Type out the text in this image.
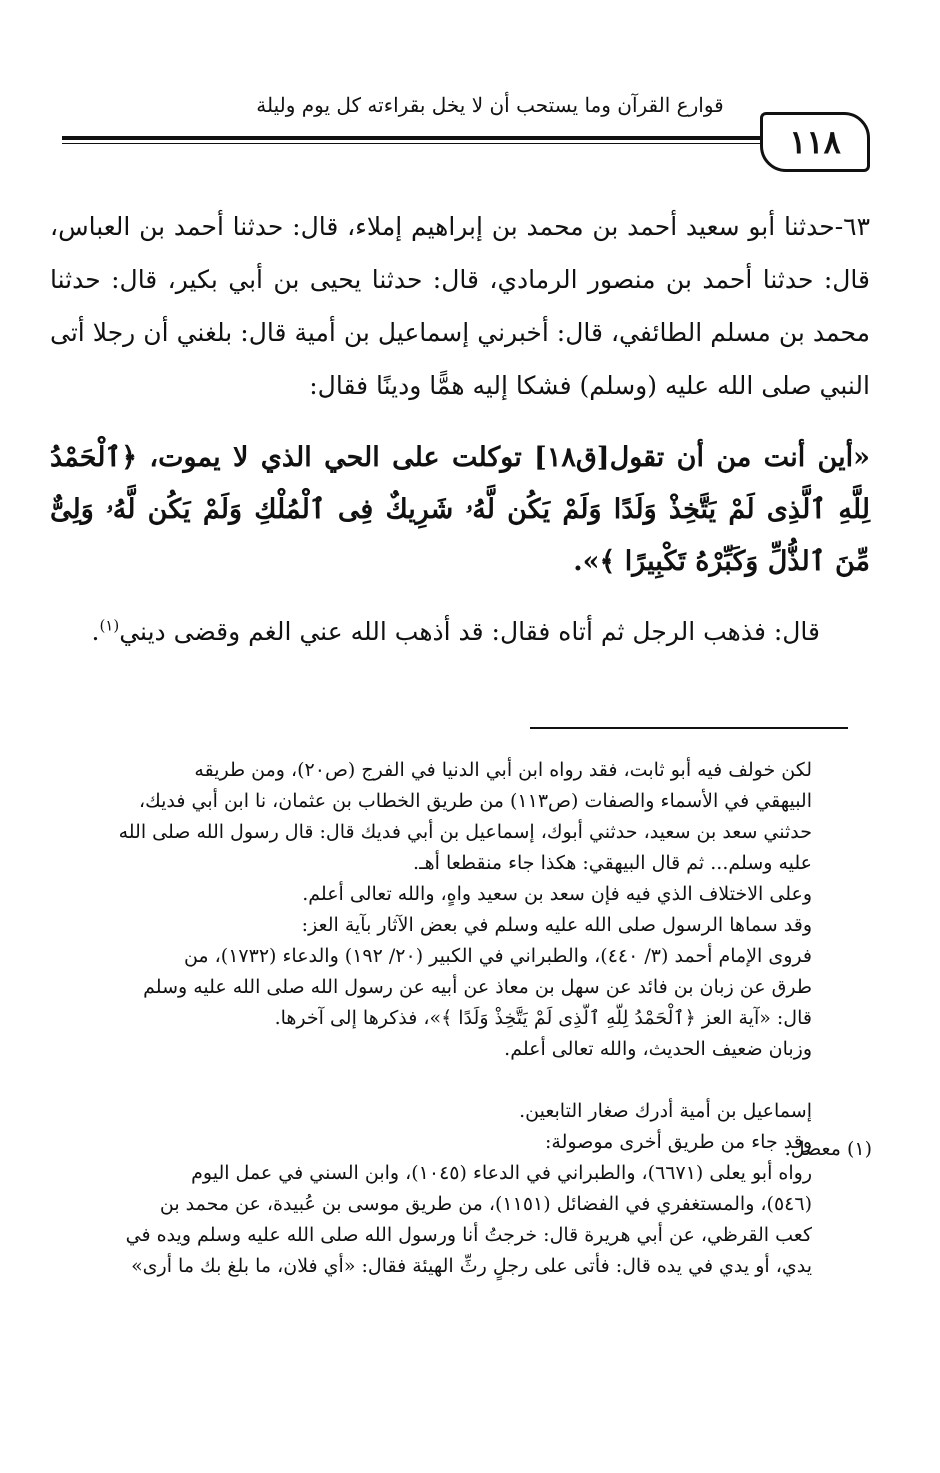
قوارع القرآن وما يستحب أن لا يخل بقراءته كل يوم وليلة
١١٨
٦٣-حدثنا أبو سعيد أحمد بن محمد بن إبراهيم إملاء، قال: حدثنا أحمد بن العباس، قال: حدثنا أحمد بن منصور الرمادي، قال: حدثنا يحيى بن أبي بكير، قال: حدثنا محمد بن مسلم الطائفي، قال: أخبرني إسماعيل بن أمية قال: بلغني أن رجلا أتى النبي صلى الله عليه (وسلم) فشكا إليه همًّا ودينًا فقال:
«أين أنت من أن تقول[ق١٨] توكلت على الحي الذي لا يموت، ﴿ٱلْحَمْدُ لِلَّهِ ٱلَّذِى لَمْ يَتَّخِذْ وَلَدًا وَلَمْ يَكُن لَّهُۥ شَرِيكٌ فِى ٱلْمُلْكِ وَلَمْ يَكُن لَّهُۥ وَلِىٌّ مِّنَ ٱلذُّلِّ وَكَبِّرْهُ تَكْبِيرًا ﴾».
قال: فذهب الرجل ثم أتاه فقال: قد أذهب الله عني الغم وقضى ديني$^{(١)}$.
لكن خولف فيه أبو ثابت، فقد رواه ابن أبي الدنيا في الفرج (ص٢٠)، ومن طريقه
البيهقي في الأسماء والصفات (ص١١٣) من طريق الخطاب بن عثمان، نا ابن أبي فديك،
حدثني سعد بن سعيد، حدثني أبوك، إسماعيل بن أبي فديك قال: قال رسول الله صلى الله
عليه وسلم... ثم قال البيهقي: هكذا جاء منقطعا أهـ.
وعلى الاختلاف الذي فيه فإن سعد بن سعيد واهٍ، والله تعالى أعلم.
وقد سماها الرسول صلى الله عليه وسلم في بعض الآثار بآية العز:
فروى الإمام أحمد (٣/ ٤٤٠)، والطبراني في الكبير (٢٠/ ١٩٢) والدعاء (١٧٣٢)، من
طرق عن زبان بن فائد عن سهل بن معاذ عن أبيه عن رسول الله صلى الله عليه وسلم
قال: «آية العز ﴿ٱلْحَمْدُ لِلَّهِ ٱلَّذِى لَمْ يَتَّخِذْ وَلَدًا ﴾»، فذكرها إلى آخرها.
وزبان ضعيف الحديث، والله تعالى أعلم.

إسماعيل بن أمية أدرك صغار التابعين.
وقد جاء من طريق أخرى موصولة:
رواه أبو يعلى (٦٦٧١)، والطبراني في الدعاء (١٠٤٥)، وابن السني في عمل اليوم
(٥٤٦)، والمستغفري في الفضائل (١١٥١)، من طريق موسى بن عُبيدة، عن محمد بن
كعب القرظي، عن أبي هريرة قال: خرجتُ أنا ورسول الله صلى الله عليه وسلم ويده في
يدي، أو يدي في يده قال: فأتى على رجلٍ رثِّ الهيئة فقال: «أي فلان، ما بلغ بك ما أرى»
(١) معضل.
